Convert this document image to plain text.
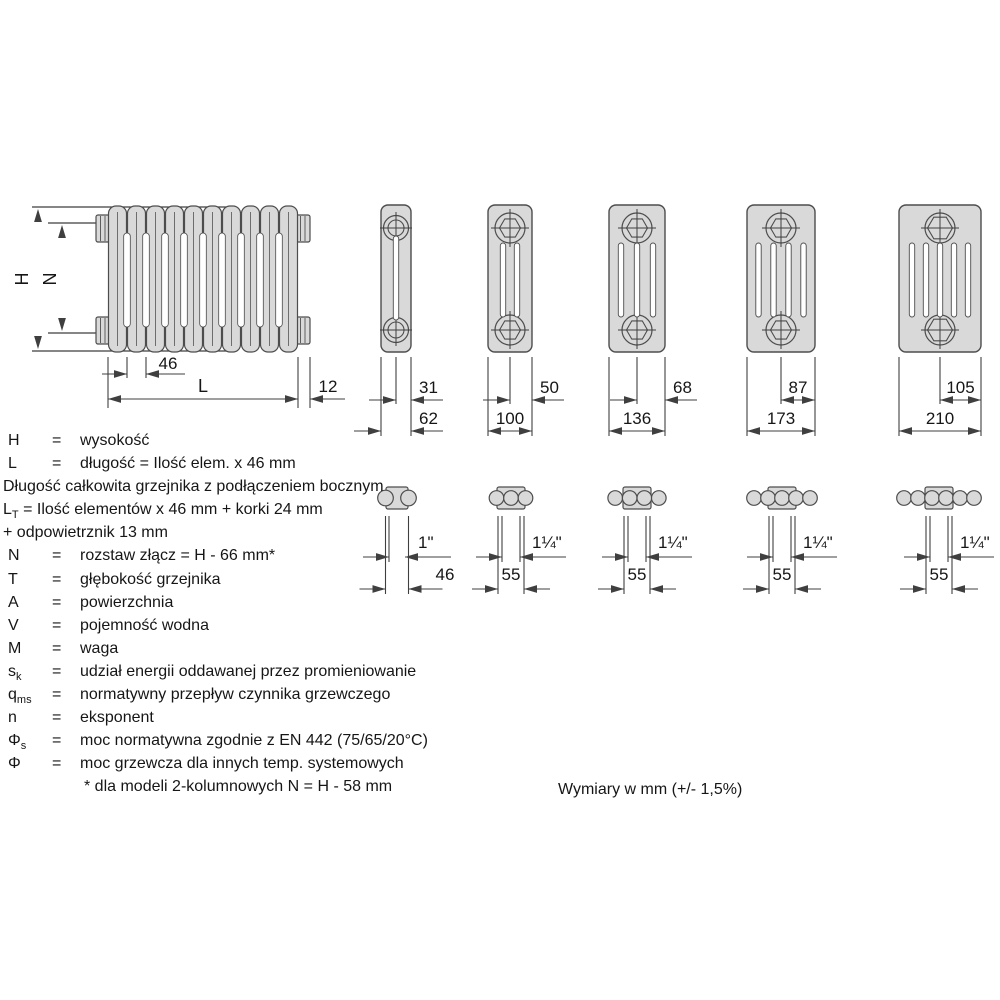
H N
46
L	12	31
62
50
100
68
136
87
173
105
210
1"
46
1¼"
55
1¼"
55
1¼"
55
1¼"
55
H	=	wysokość
L	=	długość = Ilość elem. x 46 mm
Długość całkowita grzejnika z podłączeniem bocznym
$L_T$ = Ilość elementów x 46 mm + korki 24 mm
+ odpowietrznik 13 mm
N	=	rozstaw złącz = H - 66 mm*
T	=	głębokość grzejnika
A	=	powierzchnia
V	=	pojemność wodna
M	=	waga
$s_k$	=	udział energii oddawanej przez promieniowanie
$q_{ms}$	=	normatywny przepływ czynnika grzewczego
n	=	eksponent
$\Phi_s$	=	moc normatywna zgodnie z EN 442 (75/65/20°C)
Φ	=	moc grzewcza dla innych temp. systemowych
* dla modeli 2-kolumnowych N = H - 58 mm	Wymiary w mm (+/- 1,5%)
